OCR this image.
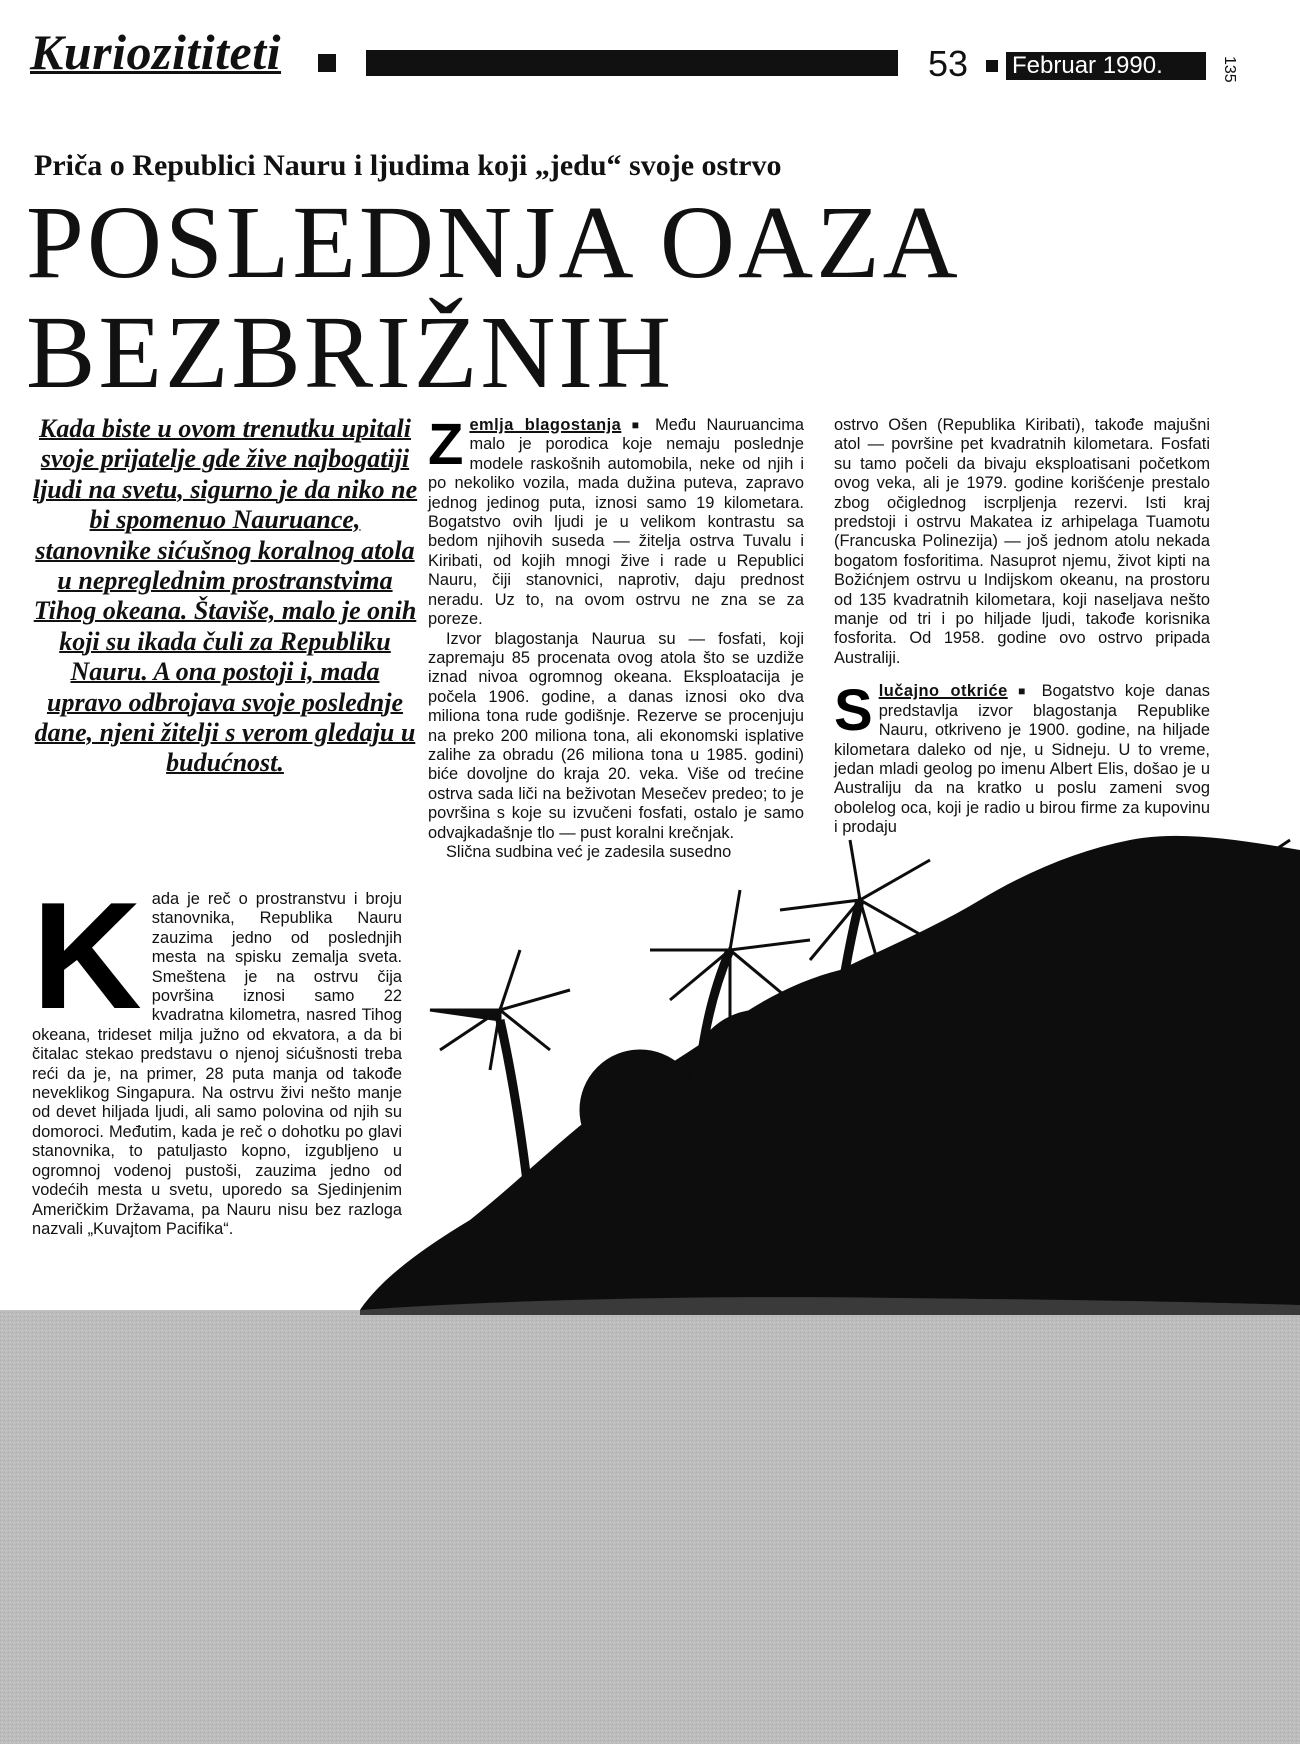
Kuriozititeti	53 Februar 1990.	135
Priča o Republici Nauru i ljudima koji „jedu“ svoje ostrvo
POSLEDNJA OAZA
BEZBRIŽNIH
Kada biste u ovom trenutku upitali svoje prijatelje gde žive najbogatiji ljudi na svetu, sigurno je da niko ne bi spomenuo Nauruance, stanovnike sićušnog koralnog atola u nepreglednim prostranstvima Tihog okeana. Štaviše, malo je onih koji su ikada čuli za Republiku Nauru. A ona postoji i, mada upravo odbrojava svoje poslednje dane, njeni žitelji s verom gledaju u budućnost.
K ada je reč o prostranstvu i broju stanovnika, Republika Nauru zauzima jedno od poslednjih mesta na spisku zemalja sveta. Smeštena je na ostrvu čija površina iznosi samo 22 kvadratna kilometra, nasred Tihog okeana, trideset milja južno od ekvatora, a da bi čitalac stekao predstavu o njenoj sićušnosti treba reći da je, na primer, 28 puta manja od takođe neveklikog Singapura. Na ostrvu živi nešto manje od devet hiljada ljudi, ali samo polovina od njih su domoroci. Međutim, kada je reč o dohotku po glavi stanovnika, to patuljasto kopno, izgubljeno u ogromnoj vodenoj pustoši, zauzima jedno od vodećih mesta u svetu, uporedo sa Sjedinjenim Američkim Državama, pa Nauru nisu bez razloga nazvali „Kuvajtom Pacifika“.

Z emlja blagostanja ■ Među Nauruancima malo je porodica koje nemaju poslednje modele raskošnih automobila, neke od njih i po nekoliko vozila, mada dužina puteva, zapravo jednog jedinog puta, iznosi samo 19 kilometara. Bogatstvo ovih ljudi je u velikom kontrastu sa bedom njihovih suseda — žitelja ostrva Tuvalu i Kiribati, od kojih mnogi žive i rade u Republici Nauru, čiji stanovnici, naprotiv, daju prednost neradu. Uz to, na ovom ostrvu ne zna se za poreze.

Izvor blagostanja Naurua su — fosfati, koji zapremaju 85 procenata ovog atola što se uzdiže iznad nivoa ogromnog okeana. Eksploatacija je počela 1906. godine, a danas iznosi oko dva miliona tona rude godišnje. Rezerve se procenjuju na preko 200 miliona tona, ali ekonomski isplative zalihe za obradu (26 miliona tona u 1985. godini) biće dovoljne do kraja 20. veka. Više od trećine ostrva sada liči na beživotan Mesečev predeo; to je površina s koje su izvučeni fosfati, ostalo je samo odvajkadašnje tlo — pust koralni krečnjak.

Slična sudbina već je zadesila susedno

ostrvo Ošen (Republika Kiribati), takođe majušni atol — površine pet kvadratnih kilometara. Fosfati su tamo počeli da bivaju eksploatisani početkom ovog veka, ali je 1979. godine korišćenje prestalo zbog očiglednog iscrpljenja rezervi. Isti kraj predstoji i ostrvu Makatea iz arhipelaga Tuamotu (Francuska Polinezija) — još jednom atolu nekada bogatom fosforitima. Nasuprot njemu, život kipti na Božićnjem ostrvu u Indijskom okeanu, na prostoru od 135 kvadratnih kilometara, koji naseljava nešto manje od tri i po hiljade ljudi, takođe korisnika fosforita. Od 1958. godine ovo ostrvo pripada Australiji.

S lučajno otkriće ■ Bogatstvo koje danas predstavlja izvor blagostanja Republike Nauru, otkriveno je 1900. godine, na hiljade kilometara daleko od nje, u Sidneju. U to vreme, jedan mladi geolog po imenu Albert Elis, došao je u Australiju da na kratko u poslu zameni svog obolelog oca, koji je radio u birou firme za kupovinu i prodaju
